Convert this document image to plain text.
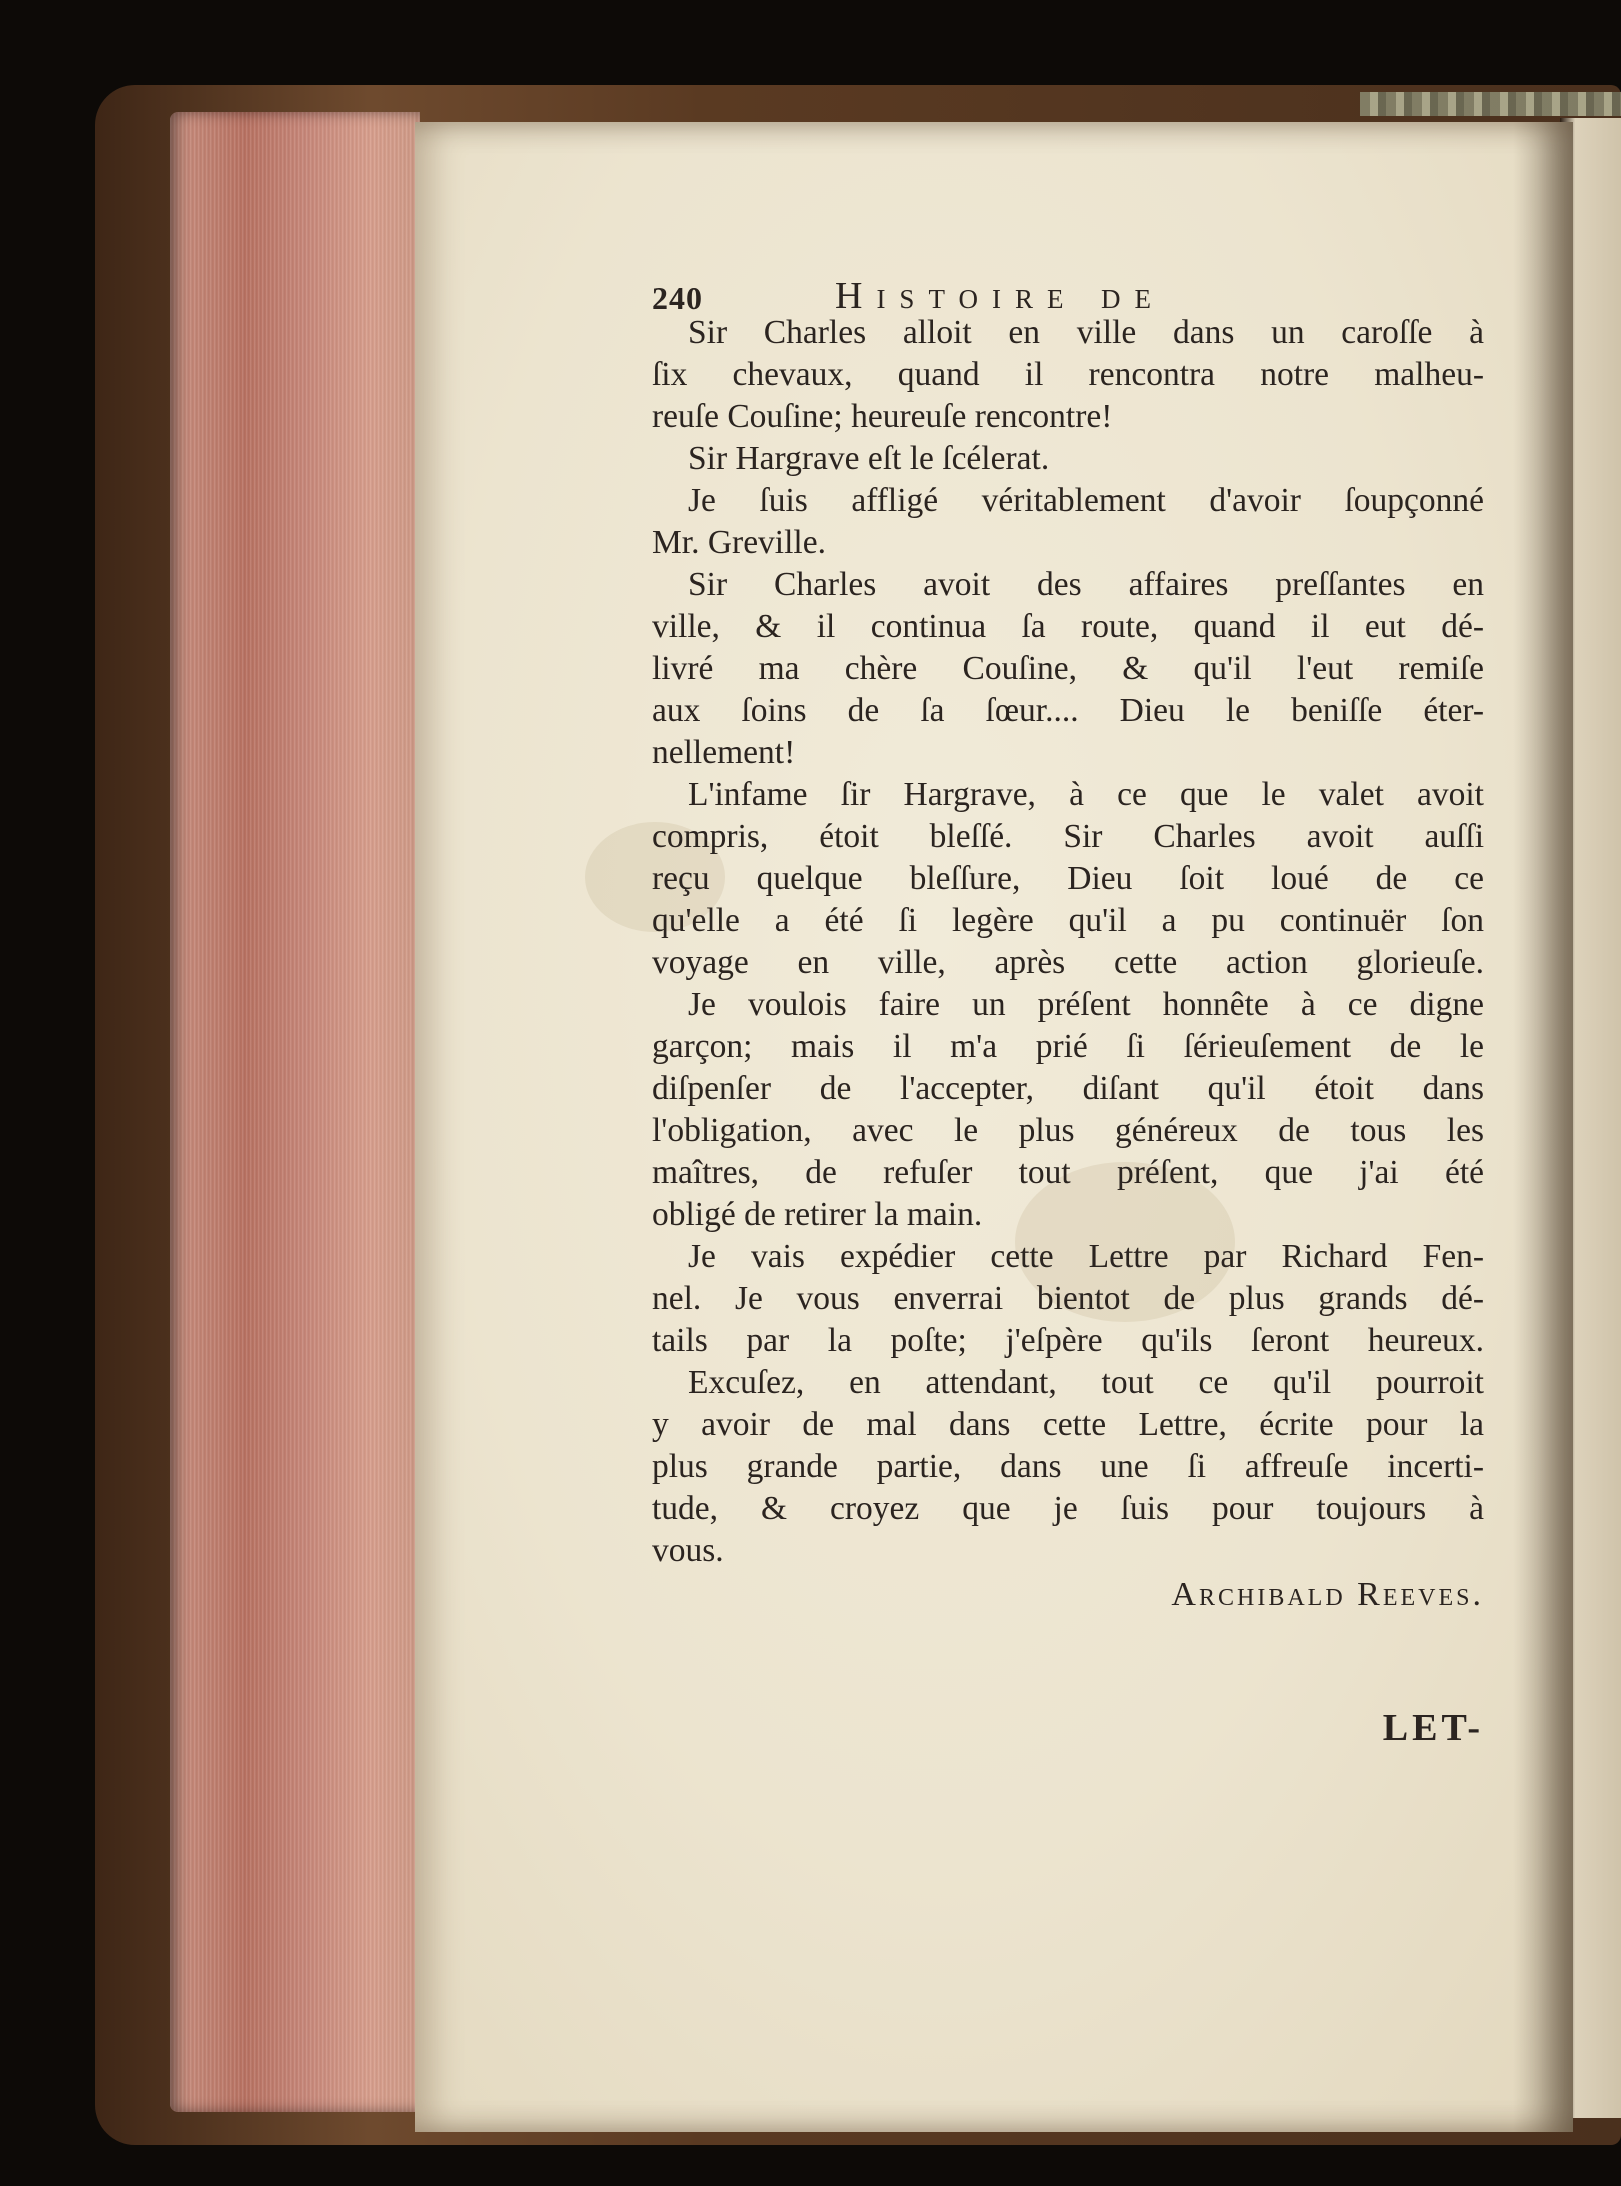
240	Histoire de
Sir Charles alloit en ville dans un caroſſe à
ſix chevaux, quand il rencontra notre malheu-
reuſe Couſine; heureuſe rencontre!
Sir Hargrave eſt le ſcélerat.
Je ſuis affligé véritablement d'avoir ſoupçonné
Mr. Greville.
Sir Charles avoit des affaires preſſantes en
ville, & il continua ſa route, quand il eut dé-
livré ma chère Couſine, & qu'il l'eut remiſe
aux ſoins de ſa ſœur.... Dieu le beniſſe éter-
nellement!
L'infame ſir Hargrave, à ce que le valet avoit
compris, étoit bleſſé. Sir Charles avoit auſſi
reçu quelque bleſſure, Dieu ſoit loué de ce
qu'elle a été ſi legère qu'il a pu continuër ſon
voyage en ville, après cette action glorieuſe.
Je voulois faire un préſent honnête à ce digne
garçon; mais il m'a prié ſi ſérieuſement de le
diſpenſer de l'accepter, diſant qu'il étoit dans
l'obligation, avec le plus généreux de tous les
maîtres, de refuſer tout préſent, que j'ai été
obligé de retirer la main.
Je vais expédier cette Lettre par Richard Fen-
nel. Je vous enverrai bientot de plus grands dé-
tails par la poſte; j'eſpère qu'ils ſeront heureux.
Excuſez, en attendant, tout ce qu'il pourroit
y avoir de mal dans cette Lettre, écrite pour la
plus grande partie, dans une ſi affreuſe incerti-
tude, & croyez que je ſuis pour toujours à
vous.
Archibald Reeves.
LET-
